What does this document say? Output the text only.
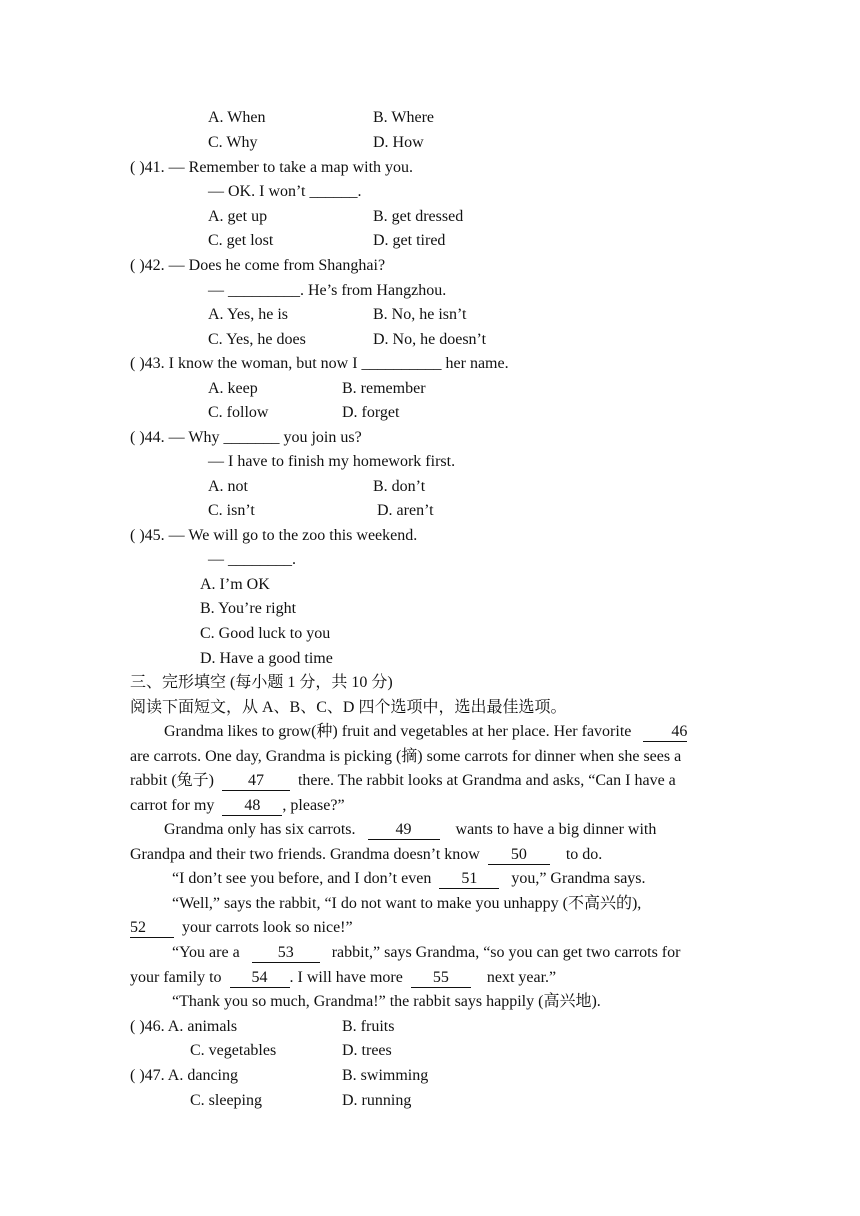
A. When	B. Where
C. Why	D. How
( )41. — Remember to take a map with you.
— OK. I won’t ______.
A. get up	B. get dressed
C. get lost	D. get tired
( )42. — Does he come from Shanghai?
— _________. He’s from Hangzhou.
A. Yes, he is	B. No, he isn’t
C. Yes, he does	D. No, he doesn’t
( )43. I know the woman, but now I __________ her name.
A. keep	B. remember
C. follow	D. forget
( )44. — Why _______ you join us?
— I have to finish my homework first.
A. not	B. don’t
C. isn’t	D. aren’t
( )45. — We will go to the zoo this weekend.
— ________.
A. I’m OK
B. You’re right
C. Good luck to you
D. Have a good time
三、完形填空 (每小题 1 分，共 10 分)
阅读下面短文，从 A、B、C、D 四个选项中，选出最佳选项。
Grandma likes to grow(种) fruit and vegetables at her place. Her favorite	46
are carrots. One day, Grandma is picking (摘) some carrots for dinner when she sees a
rabbit (兔子) 47 there. The rabbit looks at Grandma and asks, “Can I have a
carrot for my 48 , please?”
Grandma only has six carrots.	49	wants to have a big dinner with
Grandpa and their two friends. Grandma doesn’t know 50 to do.
“I don’t see you before, and I don’t even 51 you,” Grandma says.
“Well,” says the rabbit, “I do not want to make you unhappy (不高兴的),
52 your carrots look so nice!”
“You are a 53 rabbit,” says Grandma, “so you can get two carrots for
your family to 54 . I will have more 55 next year.”
“Thank you so much, Grandma!” the rabbit says happily (高兴地).
( )46. A. animals	B. fruits
C. vegetables	D. trees
( )47. A. dancing	B. swimming
C. sleeping	D. running
